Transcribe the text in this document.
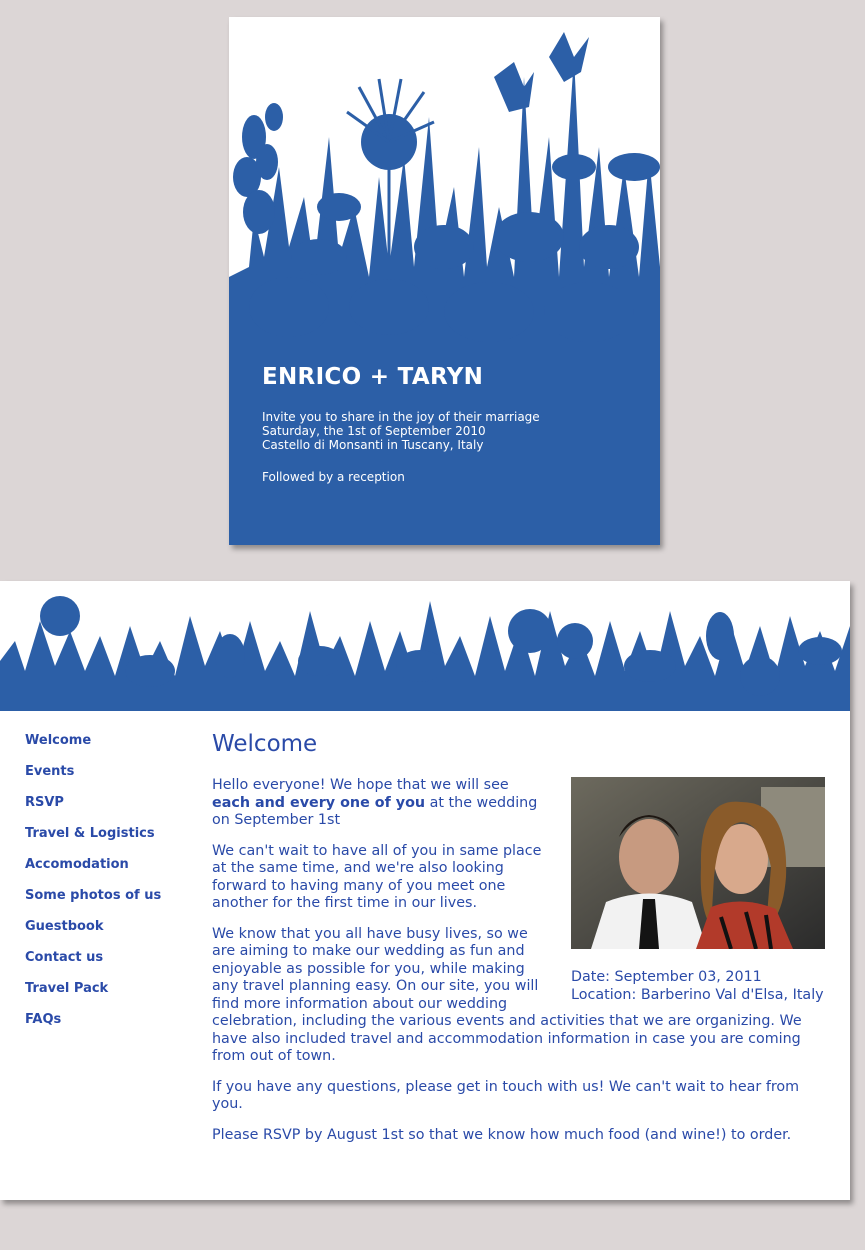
ENRICO + TARYN
Invite you to share in the joy of their marriage
Saturday, the 1st of September 2010
Castello di Monsanti in Tuscany, Italy
Followed by a reception
Welcome
Events
RSVP
Travel & Logistics
Accomodation
Some photos of us
Guestbook
Contact us
Travel Pack
FAQs
Welcome
Date: September 03, 2011
Location: Barberino Val d'Elsa, Italy

Hello everyone! We hope that we will see each and every one of you at the wedding on September 1st

We can't wait to have all of you in same place at the same time, and we're also looking forward to having many of you meet one another for the first time in our lives.

We know that you all have busy lives, so we are aiming to make our wedding as fun and enjoyable as possible for you, while making any travel planning easy. On our site, you will find more information about our wedding celebration, including the various events and activities that we are organizing. We have also included travel and accommodation information in case you are coming from out of town.

If you have any questions, please get in touch with us! We can't wait to hear from you.

Please RSVP by August 1st so that we know how much food (and wine!) to order.
